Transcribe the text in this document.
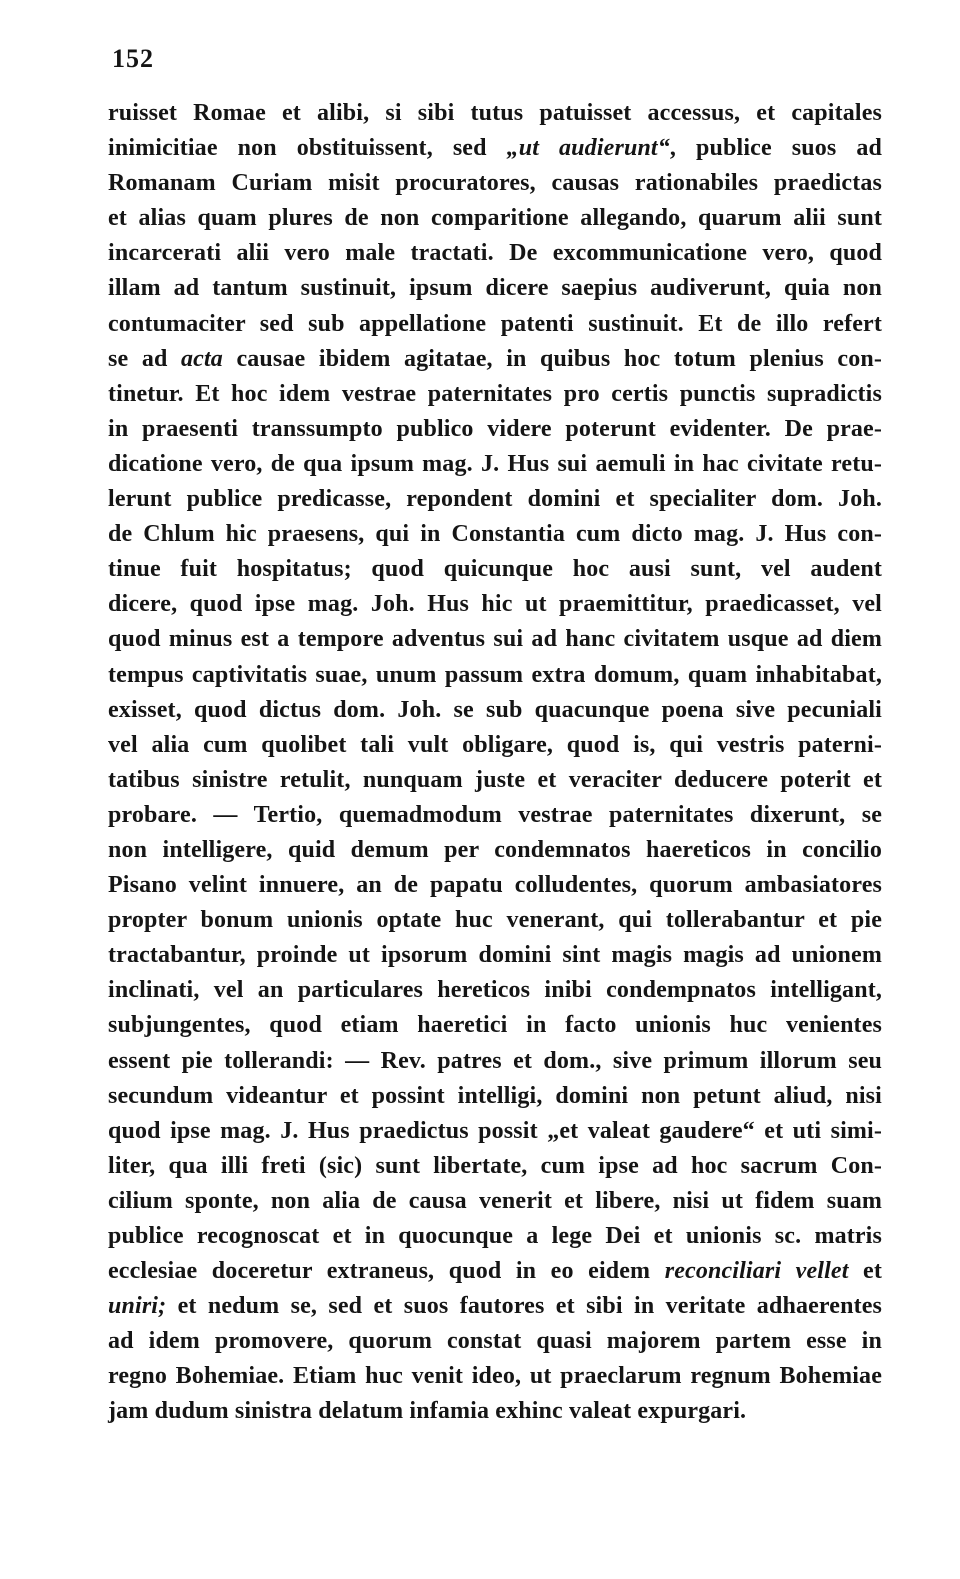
152
ruisset Romae et alibi, si sibi tutus patuisset accessus, et capitales
inimicitiae non obstituissent, sed „ut audierunt“, publice suos ad
Romanam Curiam misit procuratores, causas rationabiles praedictas
et alias quam plures de non comparitione allegando, quarum alii sunt
incarcerati alii vero male tractati. De excommunicatione vero, quod
illam ad tantum sustinuit, ipsum dicere saepius audiverunt, quia non
contumaciter sed sub appellatione patenti sustinuit. Et de illo refert
se ad acta causae ibidem agitatae, in quibus hoc totum plenius con-
tinetur. Et hoc idem vestrae paternitates pro certis punctis supradictis
in praesenti transsumpto publico videre poterunt evidenter. De prae-
dicatione vero, de qua ipsum mag. J. Hus sui aemuli in hac civitate retu-
lerunt publice predicasse, repondent domini et specialiter dom. Joh.
de Chlum hic praesens, qui in Constantia cum dicto mag. J. Hus con-
tinue fuit hospitatus; quod quicunque hoc ausi sunt, vel audent
dicere, quod ipse mag. Joh. Hus hic ut praemittitur, praedicasset, vel
quod minus est a tempore adventus sui ad hanc civitatem usque ad diem
tempus captivitatis suae, unum passum extra domum, quam inhabitabat,
exisset, quod dictus dom. Joh. se sub quacunque poena sive pecuniali
vel alia cum quolibet tali vult obligare, quod is, qui vestris paterni-
tatibus sinistre retulit, nunquam juste et veraciter deducere poterit et
probare. — Tertio, quemadmodum vestrae paternitates dixerunt, se
non intelligere, quid demum per condemnatos haereticos in concilio
Pisano velint innuere, an de papatu colludentes, quorum ambasiatores
propter bonum unionis optate huc venerant, qui tollerabantur et pie
tractabantur, proinde ut ipsorum domini sint magis magis ad unionem
inclinati, vel an particulares hereticos inibi condempnatos intelligant,
subjungentes, quod etiam haeretici in facto unionis huc venientes
essent pie tollerandi: — Rev. patres et dom., sive primum illorum seu
secundum videantur et possint intelligi, domini non petunt aliud, nisi
quod ipse mag. J. Hus praedictus possit „et valeat gaudere“ et uti simi-
liter, qua illi freti (sic) sunt libertate, cum ipse ad hoc sacrum Con-
cilium sponte, non alia de causa venerit et libere, nisi ut fidem suam
publice recognoscat et in quocunque a lege Dei et unionis sc. matris
ecclesiae doceretur extraneus, quod in eo eidem reconciliari vellet et
uniri; et nedum se, sed et suos fautores et sibi in veritate adhaerentes
ad idem promovere, quorum constat quasi majorem partem esse in
regno Bohemiae. Etiam huc venit ideo, ut praeclarum regnum Bohemiae
jam dudum sinistra delatum infamia exhinc valeat expurgari.
